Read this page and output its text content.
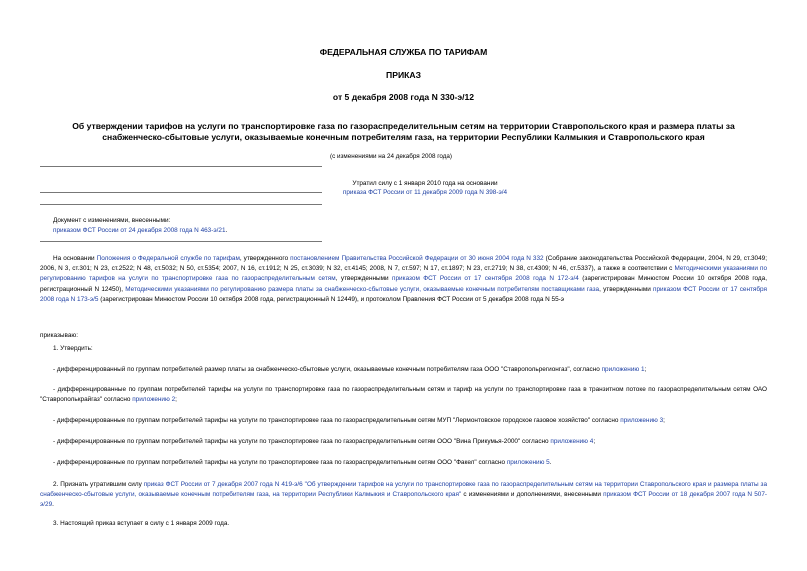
ФЕДЕРАЛЬНАЯ СЛУЖБА ПО ТАРИФАМ
ПРИКАЗ
от 5 декабря 2008 года N 330-э/12
Об утверждении тарифов на услуги по транспортировке газа по газораспределительным сетям на территории Ставропольского края и размера платы за снабженческо-сбытовые услуги, оказываемые конечным потребителям газа, на территории Республики Калмыкия и Ставропольского края
(с изменениями на 24 декабря 2008 года)
Утратил силу с 1 января 2010 года на основании
приказа ФСТ России от 11 декабря 2009 года N 398-э/4
Документ с изменениями, внесенными:
приказом ФСТ России от 24 декабря 2008 года N 463-э/21.
На основании Положения о Федеральной службе по тарифам, утвержденного постановлением Правительства Российской Федерации от 30 июня 2004 года N 332 (Собрание законодательства Российской Федерации, 2004, N 29, ст.3049; 2006, N 3, ст.301; N 23, ст.2522; N 48, ст.5032; N 50, ст.5354; 2007, N 16, ст.1912; N 25, ст.3039; N 32, ст.4145; 2008, N 7, ст.597; N 17, ст.1897; N 23, ст.2719; N 38, ст.4309; N 46, ст.5337), а также в соответствии с Методическими указаниями по регулированию тарифов на услуги по транспортировке газа по газораспределительным сетям, утвержденными приказом ФСТ России от 17 сентября 2008 года N 172-э/4 (зарегистрирован Минюстом России 10 октября 2008 года, регистрационный N 12450), Методическими указаниями по регулированию размера платы за снабженческо-сбытовые услуги, оказываемые конечным потребителям поставщиками газа, утвержденными приказом ФСТ России от 17 сентября 2008 года N 173-э/5 (зарегистрирован Минюстом России 10 октября 2008 года, регистрационный N 12449), и протоколом Правления ФСТ России от 5 декабря 2008 года N 55-э
приказываю:
1. Утвердить:
- дифференцированный по группам потребителей размер платы за снабженческо-сбытовые услуги, оказываемые конечным потребителям газа ООО "Ставропольрегионгаз", согласно приложению 1;
- дифференцированные по группам потребителей тарифы на услуги по транспортировке газа по газораспределительным сетям и тариф на услуги по транспортировке газа в транзитном потоке по газораспределительным сетям ОАО "Ставрополькрайгаз" согласно приложению 2;
- дифференцированные по группам потребителей тарифы на услуги по транспортировке газа по газораспределительным сетям МУП "Лермонтовское городское газовое хозяйство" согласно приложению 3;
- дифференцированные по группам потребителей тарифы на услуги по транспортировке газа по газораспределительным сетям ООО "Вина Прикумья-2000" согласно приложению 4;
- дифференцированные по группам потребителей тарифы на услуги по транспортировке газа по газораспределительным сетям ООО "Факел" согласно приложению 5.
2. Признать утратившим силу приказ ФСТ России от 7 декабря 2007 года N 419-э/6 "Об утверждении тарифов на услуги по транспортировке газа по газораспределительным сетям на территории Ставропольского края и размера платы за снабженческо-сбытовые услуги, оказываемые конечным потребителям газа, на территории Республики Калмыкия и Ставропольского края" с изменениями и дополнениями, внесенными приказом ФСТ России от 18 декабря 2007 года N 507-э/29.
3. Настоящий приказ вступает в силу с 1 января 2009 года.
